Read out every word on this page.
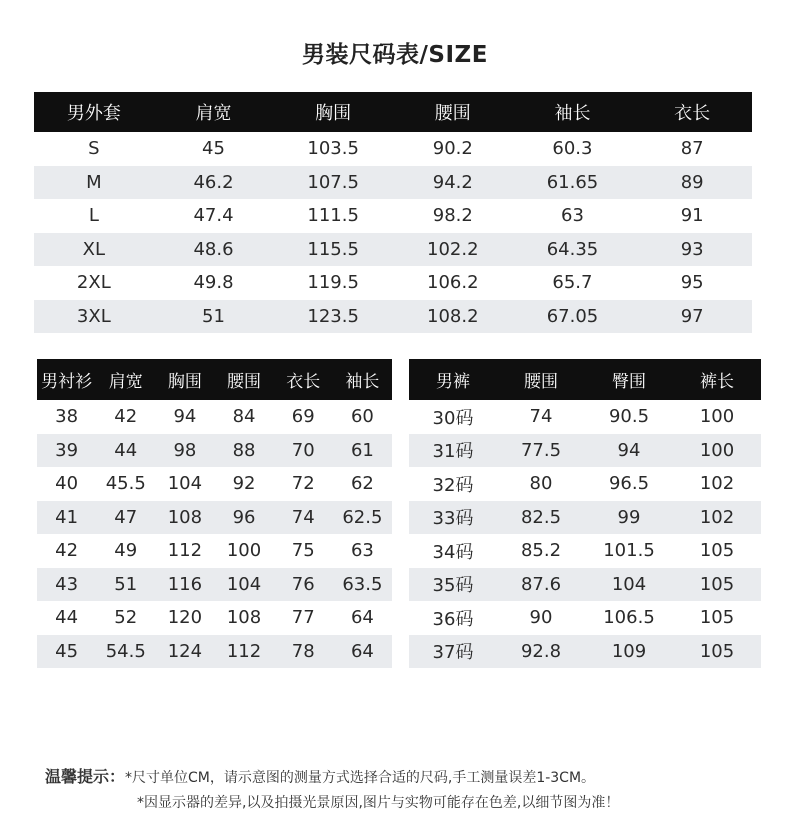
男装尺码表/SIZE
男外套	肩宽	胸围	腰围	袖长	衣长
S	45	103.5	90.2	60.3	87
M	46.2	107.5	94.2	61.65	89
L	47.4	111.5	98.2	63	91
XL	48.6	115.5	102.2	64.35	93
2XL	49.8	119.5	106.2	65.7	95
3XL	51	123.5	108.2	67.05	97
男衬衫	肩宽	胸围	腰围	衣长	袖长
38	42	94	84	69	60
39	44	98	88	70	61
40	45.5	104	92	72	62
41	47	108	96	74	62.5
42	49	112	100	75	63
43	51	116	104	76	63.5
44	52	120	108	77	64
45	54.5	124	112	78	64
男裤	腰围	臀围	裤长
30码	74	90.5	100
31码	77.5	94	100
32码	80	96.5	102
33码	82.5	99	102
34码	85.2	101.5	105
35码	87.6	104	105
36码	90	106.5	105
37码	92.8	109	105
温馨提示：*尺寸单位CM，请示意图的测量方式选择合适的尺码,手工测量误差1-3CM。
*因显示器的差异,以及拍摄光景原因,图片与实物可能存在色差,以细节图为准！
